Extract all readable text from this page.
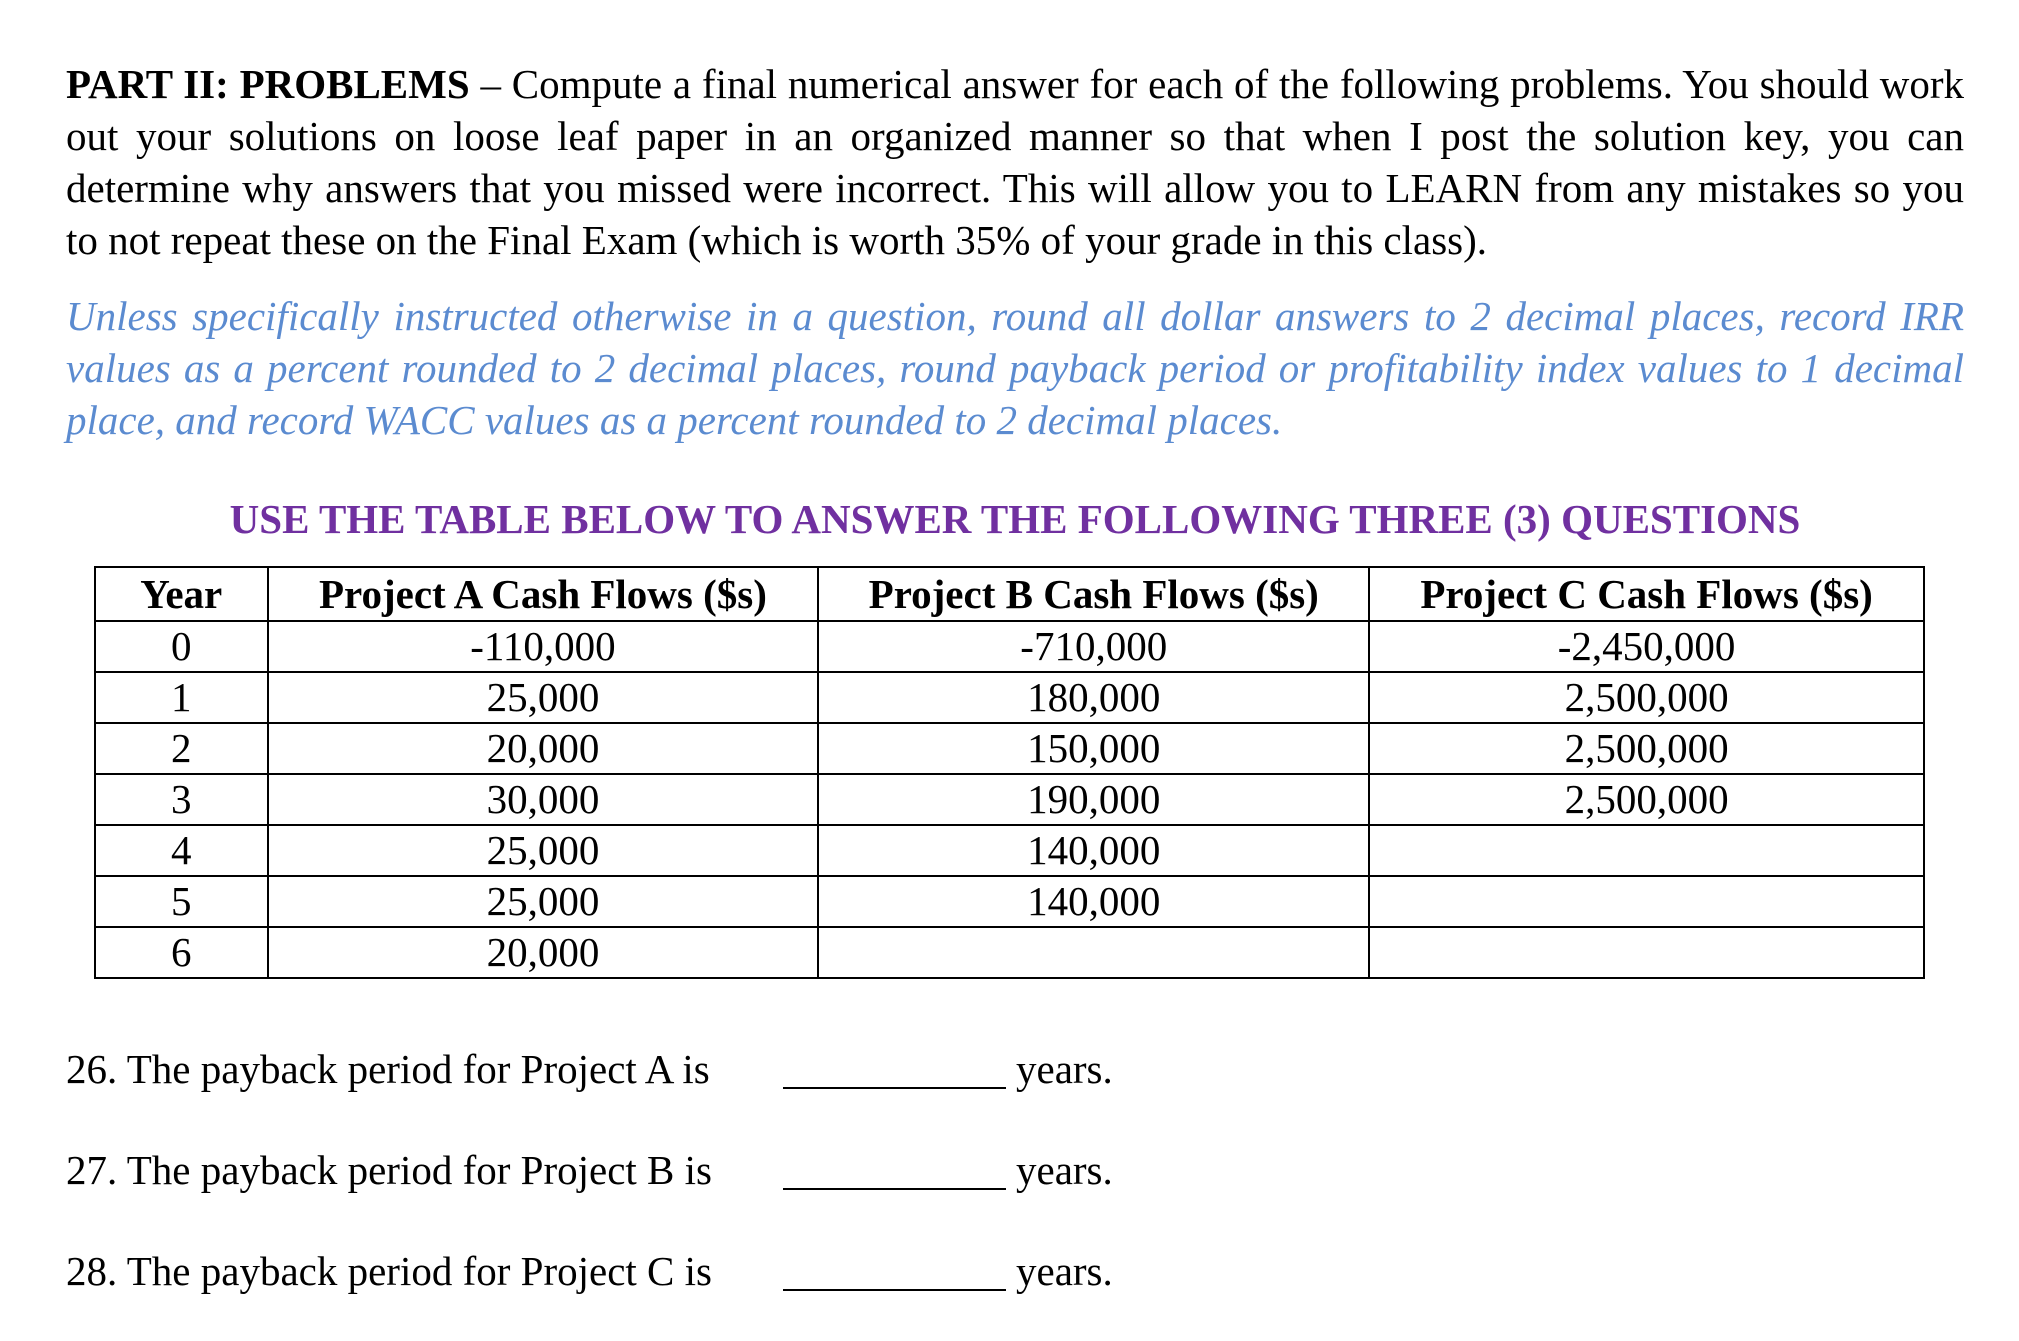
PART II: PROBLEMS – Compute a final numerical answer for each of the following problems. You should work out your solutions on loose leaf paper in an organized manner so that when I post the solution key, you can determine why answers that you missed were incorrect. This will allow you to LEARN from any mistakes so you to not repeat these on the Final Exam (which is worth 35% of your grade in this class).

Unless specifically instructed otherwise in a question, round all dollar answers to 2 decimal places, record IRR values as a percent rounded to 2 decimal places, round payback period or profitability index values to 1 decimal place, and record WACC values as a percent rounded to 2 decimal places.

USE THE TABLE BELOW TO ANSWER THE FOLLOWING THREE (3) QUESTIONS

Year	Project A Cash Flows ($s)	Project B Cash Flows ($s)	Project C Cash Flows ($s)
0	-110,000	-710,000	-2,450,000
1	25,000	180,000	2,500,000
2	20,000	150,000	2,500,000
3	30,000	190,000	2,500,000
4	25,000	140,000	
5	25,000	140,000	
6	20,000		
26. The payback period for Project A is	years.
27. The payback period for Project B is	years.
28. The payback period for Project C is	years.
